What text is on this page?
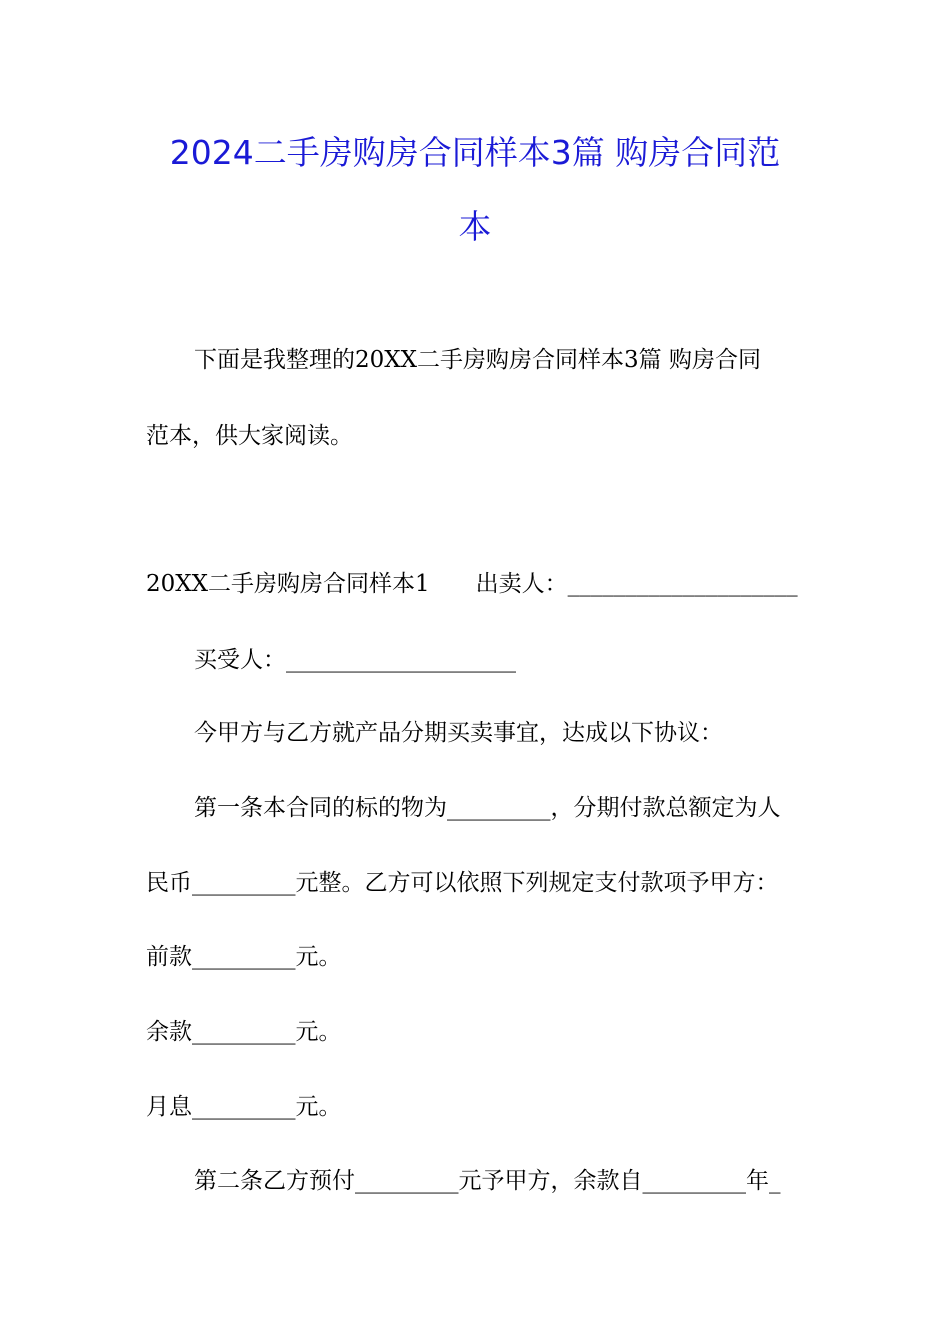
2024二手房购房合同样本3篇 购房合同范
本
下面是我整理的20XX二手房购房合同样本3篇 购房合同
范本，供大家阅读。
20XX二手房购房合同样本1　　出卖人：____________________
买受人：____________________
今甲方与乙方就产品分期买卖事宜，达成以下协议：
第一条本合同的标的物为_________，分期付款总额定为人
民币_________元整。乙方可以依照下列规定支付款项予甲方：
前款_________元。
余款_________元。
月息_________元。
第二条乙方预付_________元予甲方，余款自_________年_
